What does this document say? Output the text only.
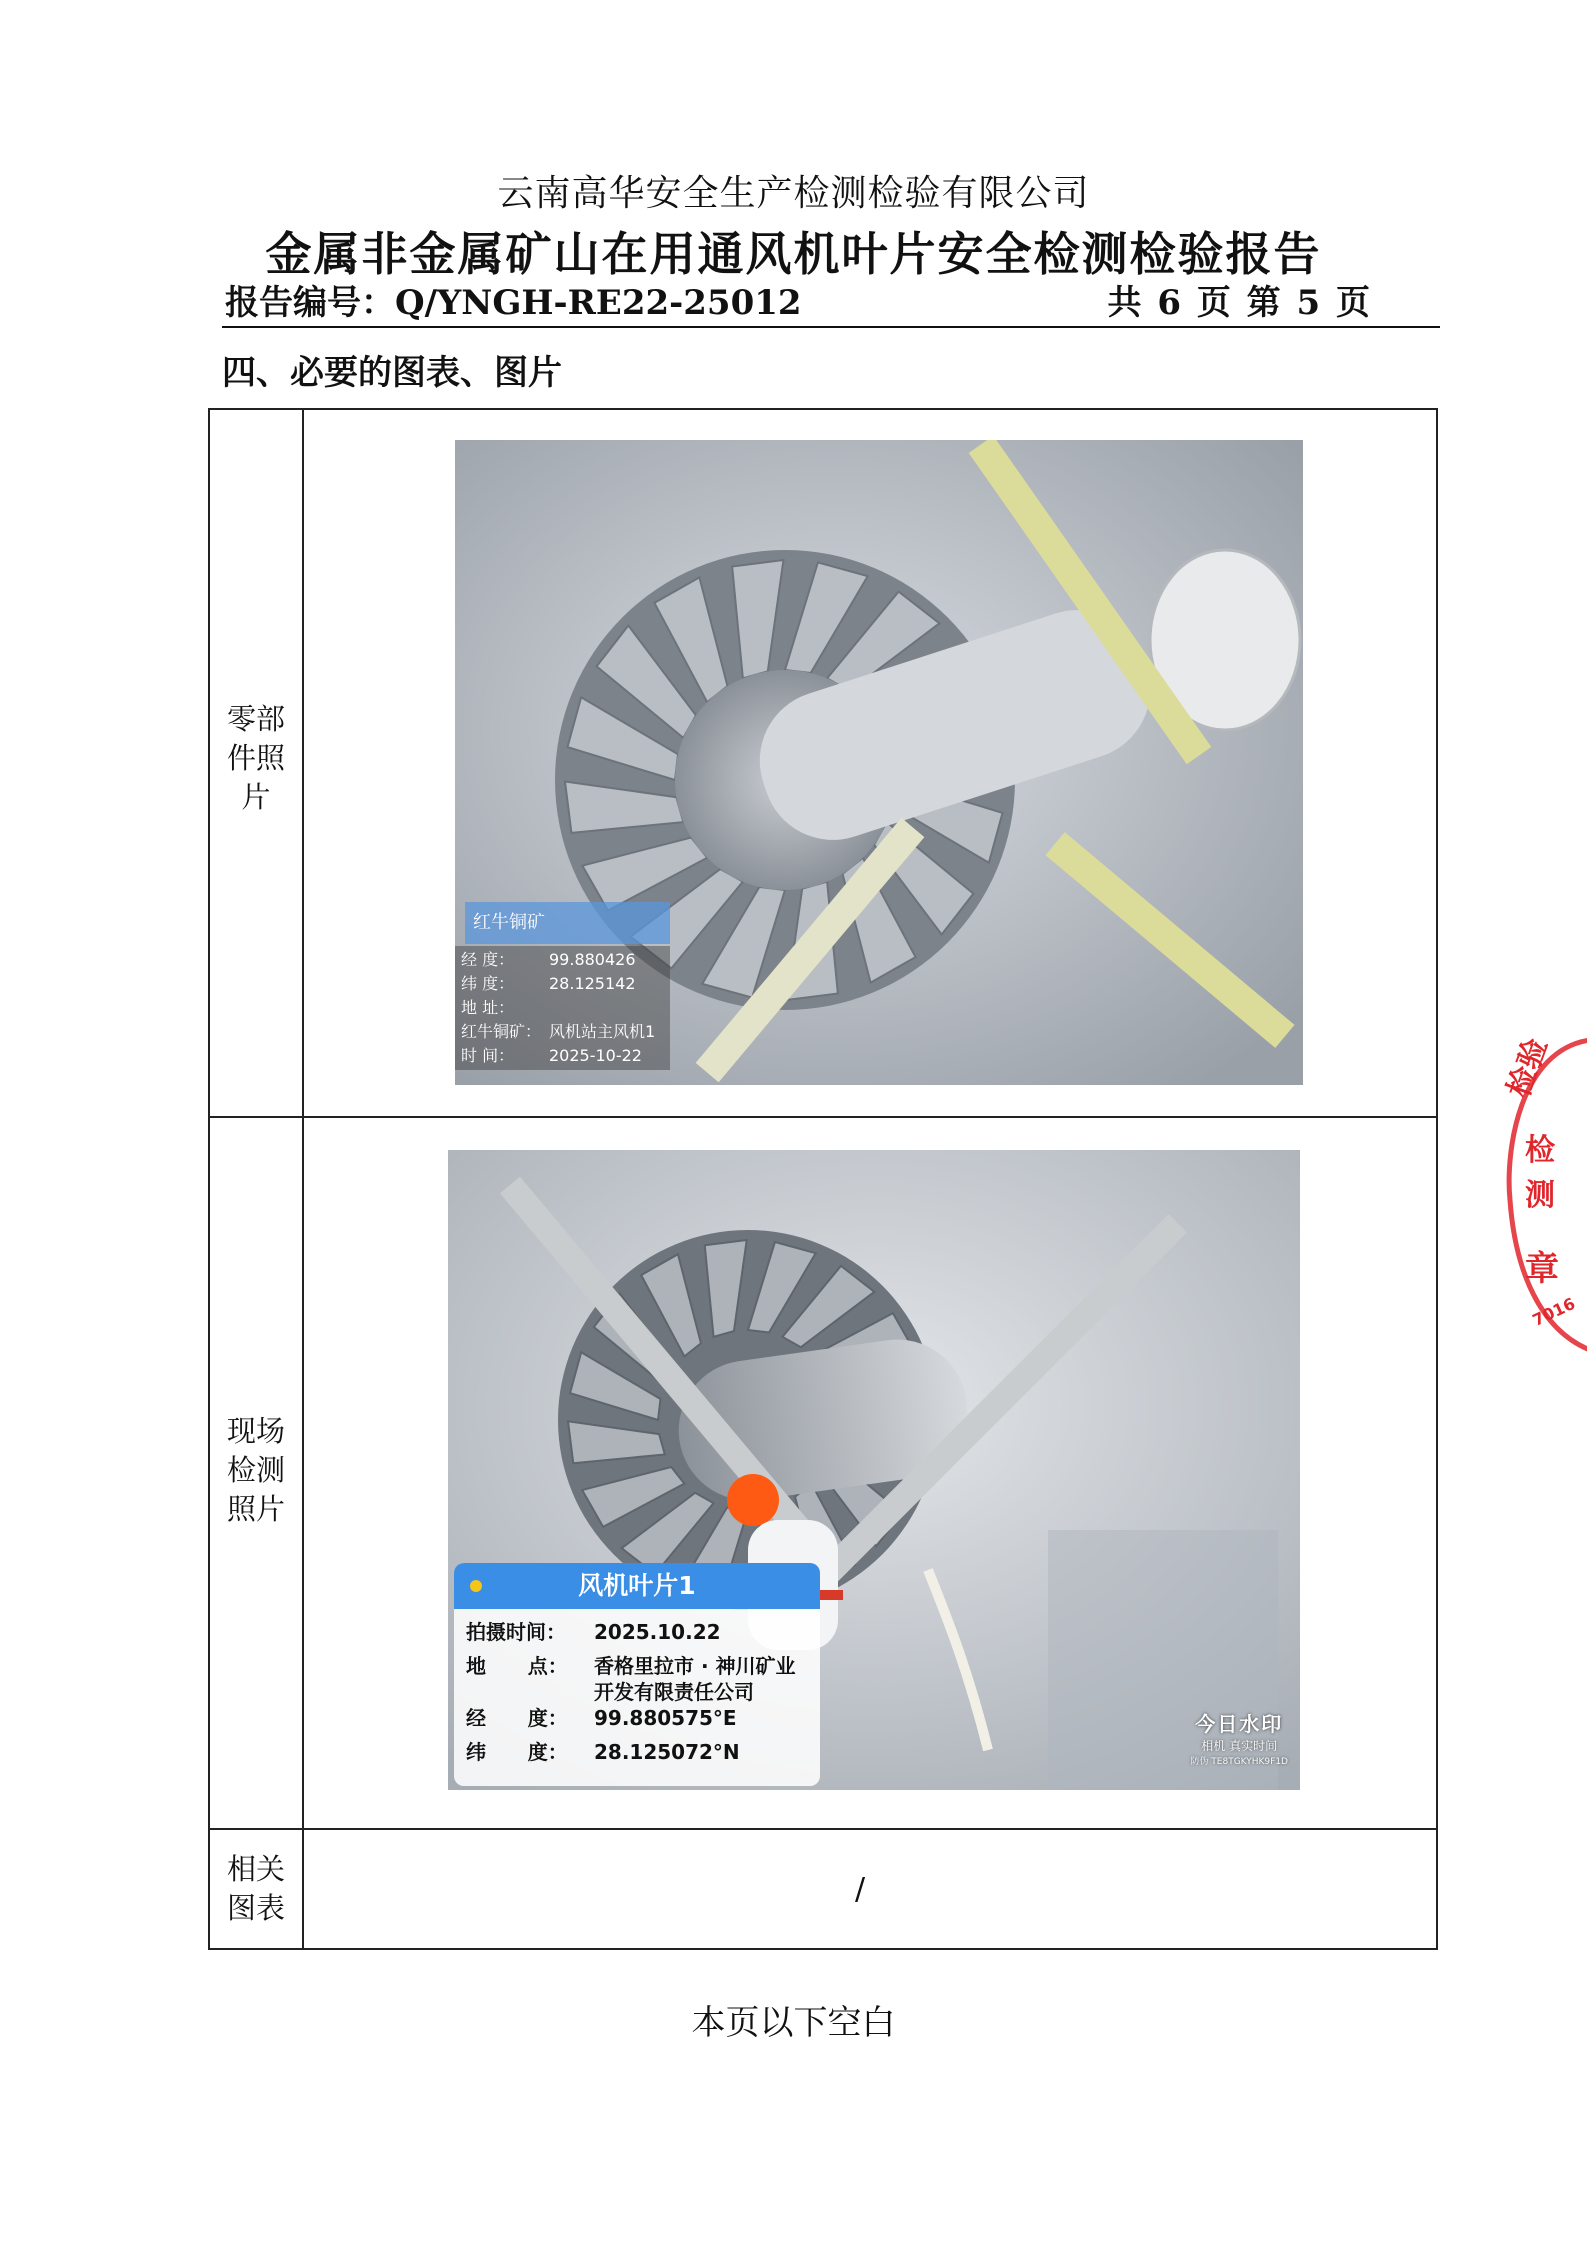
云南高华安全生产检测检验有限公司
金属非金属矿山在用通风机叶片安全检测检验报告
报告编号：Q/YNGH-RE22-25012	共 6 页 第 5 页
四、必要的图表、图片
零部
件照
片
红牛铜矿
经 度： 99.880426
纬 度： 28.125142
地 址：
红牛铜矿： 风机站主风机1
时 间： 2025-10-22
现场
检测
照片
风机叶片1
拍摄时间： 2025.10.22
地      点： 香格里拉市 · 神川矿业开发有限责任公司
经      度： 99.880575°E
纬      度： 28.125072°N
今日水印
相机 真实时间
防伪 TE8TGKYHK9F1D
相关
图表
/
本页以下空白
检验
检
测
章
7016
